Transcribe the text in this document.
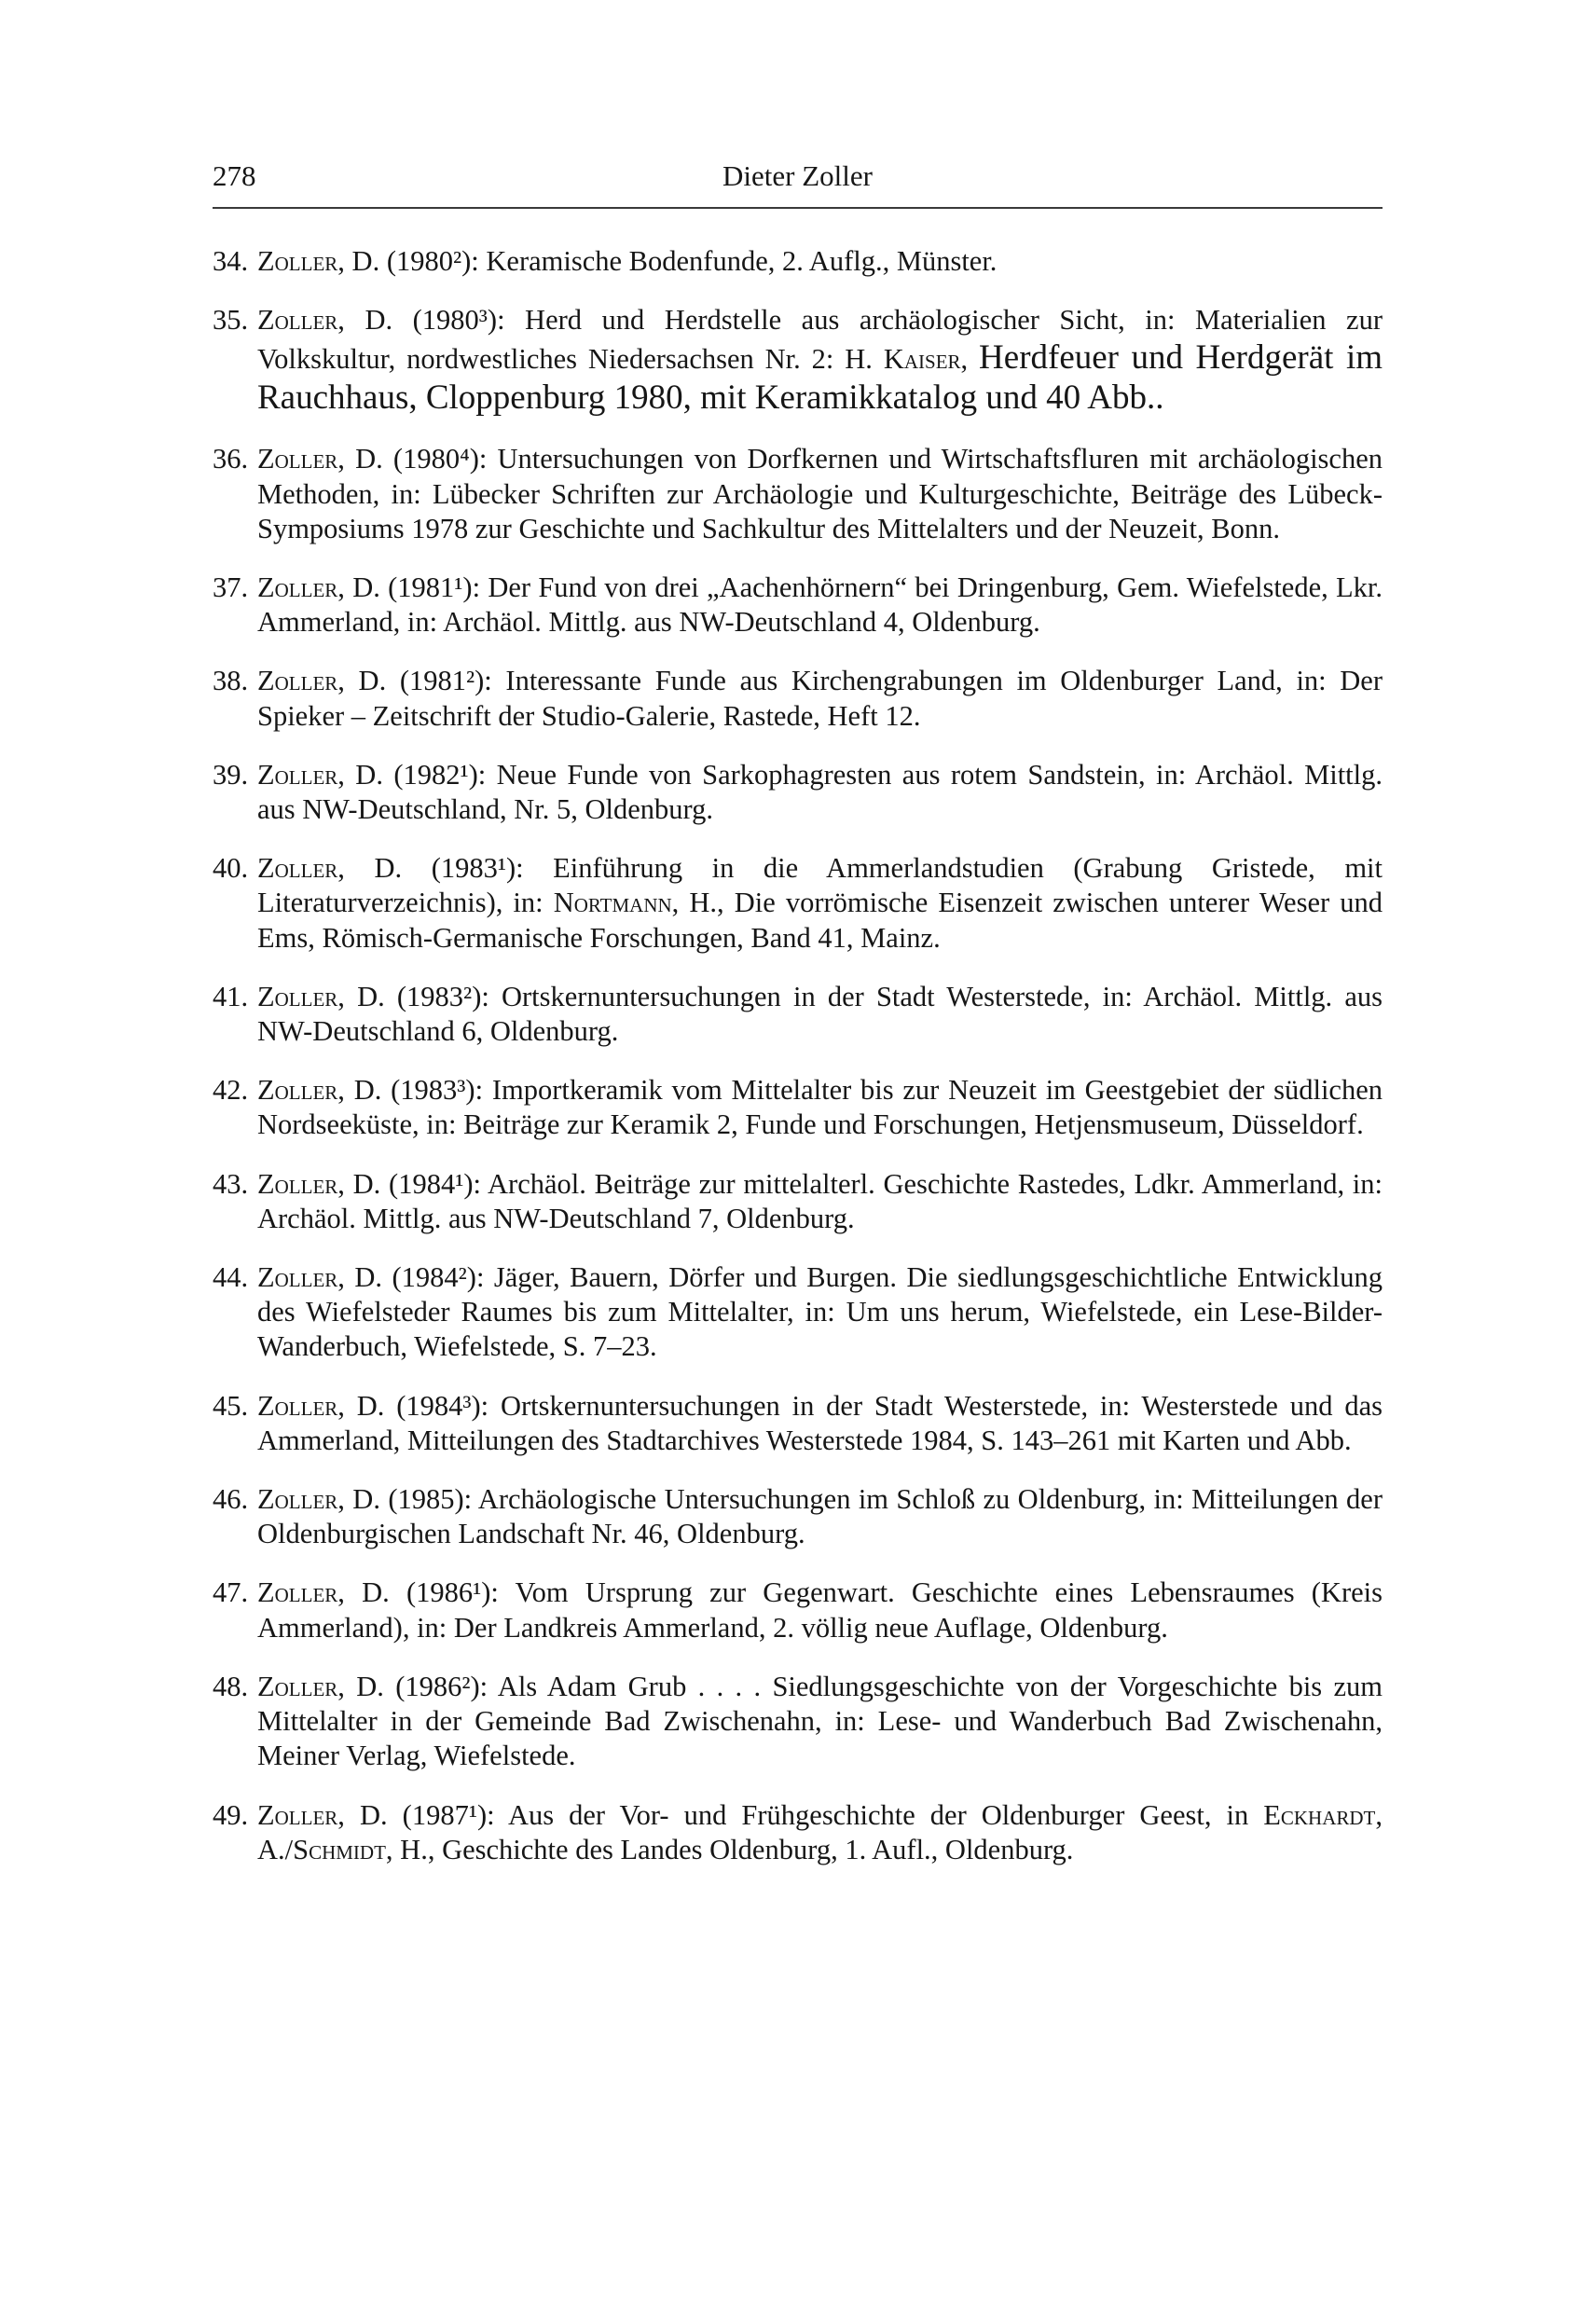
278	Dieter Zoller
34. Zoller, D. (1980²): Keramische Bodenfunde, 2. Auflg., Münster.
35. Zoller, D. (1980³): Herd und Herdstelle aus archäologischer Sicht, in: Materialien zur Volkskultur, nordwestliches Niedersachsen Nr. 2: H. Kaiser, Herdfeuer und Herdgerät im Rauchhaus, Cloppenburg 1980, mit Keramikkatalog und 40 Abb..
36. Zoller, D. (1980⁴): Untersuchungen von Dorfkernen und Wirtschaftsfluren mit archäologischen Methoden, in: Lübecker Schriften zur Archäologie und Kulturgeschichte, Beiträge des Lübeck-Symposiums 1978 zur Geschichte und Sachkultur des Mittelalters und der Neuzeit, Bonn.
37. Zoller, D. (1981¹): Der Fund von drei „Aachenhörnern“ bei Dringenburg, Gem. Wiefelstede, Lkr. Ammerland, in: Archäol. Mittlg. aus NW-Deutschland 4, Oldenburg.
38. Zoller, D. (1981²): Interessante Funde aus Kirchengrabungen im Oldenburger Land, in: Der Spieker – Zeitschrift der Studio-Galerie, Rastede, Heft 12.
39. Zoller, D. (1982¹): Neue Funde von Sarkophagresten aus rotem Sandstein, in: Archäol. Mittlg. aus NW-Deutschland, Nr. 5, Oldenburg.
40. Zoller, D. (1983¹): Einführung in die Ammerlandstudien (Grabung Gristede, mit Literaturverzeichnis), in: Nortmann, H., Die vorrömische Eisenzeit zwischen unterer Weser und Ems, Römisch-Germanische Forschungen, Band 41, Mainz.
41. Zoller, D. (1983²): Ortskernuntersuchungen in der Stadt Westerstede, in: Archäol. Mittlg. aus NW-Deutschland 6, Oldenburg.
42. Zoller, D. (1983³): Importkeramik vom Mittelalter bis zur Neuzeit im Geestgebiet der südlichen Nordseeküste, in: Beiträge zur Keramik 2, Funde und Forschungen, Hetjensmuseum, Düsseldorf.
43. Zoller, D. (1984¹): Archäol. Beiträge zur mittelalterl. Geschichte Rastedes, Ldkr. Ammerland, in: Archäol. Mittlg. aus NW-Deutschland 7, Oldenburg.
44. Zoller, D. (1984²): Jäger, Bauern, Dörfer und Burgen. Die siedlungsgeschichtliche Entwicklung des Wiefelsteder Raumes bis zum Mittelalter, in: Um uns herum, Wiefelstede, ein Lese-Bilder-Wanderbuch, Wiefelstede, S. 7–23.
45. Zoller, D. (1984³): Ortskernuntersuchungen in der Stadt Westerstede, in: Westerstede und das Ammerland, Mitteilungen des Stadtarchives Westerstede 1984, S. 143–261 mit Karten und Abb.
46. Zoller, D. (1985): Archäologische Untersuchungen im Schloß zu Oldenburg, in: Mitteilungen der Oldenburgischen Landschaft Nr. 46, Oldenburg.
47. Zoller, D. (1986¹): Vom Ursprung zur Gegenwart. Geschichte eines Lebensraumes (Kreis Ammerland), in: Der Landkreis Ammerland, 2. völlig neue Auflage, Oldenburg.
48. Zoller, D. (1986²): Als Adam Grub . . . . Siedlungsgeschichte von der Vorgeschichte bis zum Mittelalter in der Gemeinde Bad Zwischenahn, in: Lese- und Wanderbuch Bad Zwischenahn, Meiner Verlag, Wiefelstede.
49. Zoller, D. (1987¹): Aus der Vor- und Frühgeschichte der Oldenburger Geest, in Eckhardt, A./Schmidt, H., Geschichte des Landes Oldenburg, 1. Aufl., Oldenburg.
